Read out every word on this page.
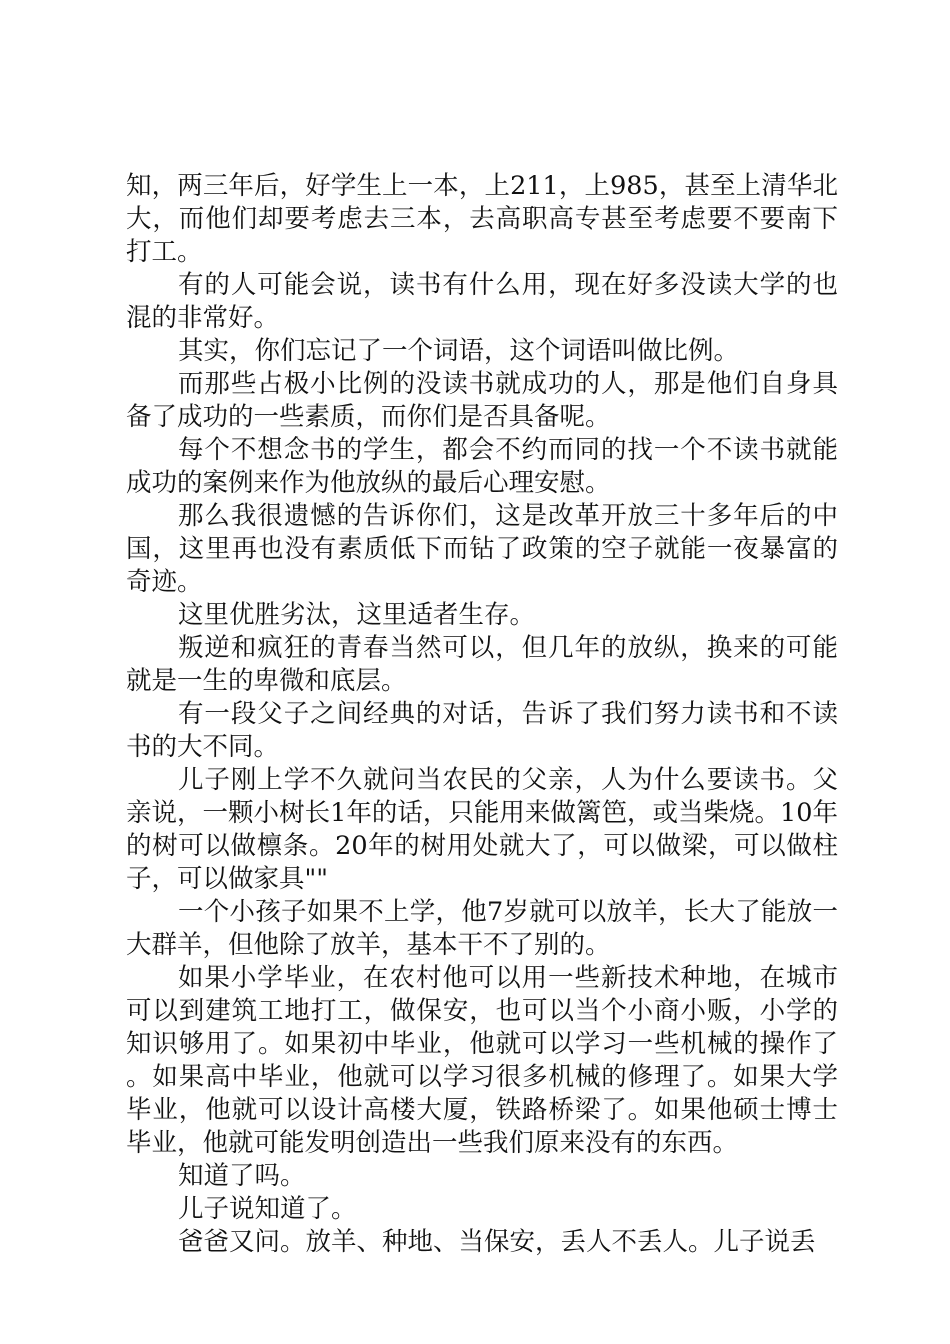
知，两三年后，好学生上一本，上211，上985，甚至上清华北大，而他们却要考虑去三本，去高职高专甚至考虑要不要南下打工。

有的人可能会说，读书有什么用，现在好多没读大学的也混的非常好。

其实，你们忘记了一个词语，这个词语叫做比例。

而那些占极小比例的没读书就成功的人，那是他们自身具备了成功的一些素质，而你们是否具备呢。

每个不想念书的学生，都会不约而同的找一个不读书就能成功的案例来作为他放纵的最后心理安慰。

那么我很遗憾的告诉你们，这是改革开放三十多年后的中国，这里再也没有素质低下而钻了政策的空子就能一夜暴富的奇迹。

这里优胜劣汰，这里适者生存。

叛逆和疯狂的青春当然可以，但几年的放纵，换来的可能就是一生的卑微和底层。

有一段父子之间经典的对话，告诉了我们努力读书和不读书的大不同。

儿子刚上学不久就问当农民的父亲，人为什么要读书。父亲说，一颗小树长1年的话，只能用来做篱笆，或当柴烧。10年的树可以做檩条。20年的树用处就大了，可以做梁，可以做柱子，可以做家具""

一个小孩子如果不上学，他7岁就可以放羊，长大了能放一大群羊，但他除了放羊，基本干不了别的。

如果小学毕业，在农村他可以用一些新技术种地，在城市可以到建筑工地打工，做保安，也可以当个小商小贩，小学的知识够用了。如果初中毕业，他就可以学习一些机械的操作了。如果高中毕业，他就可以学习很多机械的修理了。如果大学毕业，他就可以设计高楼大厦，铁路桥梁了。如果他硕士博士毕业，他就可能发明创造出一些我们原来没有的东西。

知道了吗。

儿子说知道了。

爸爸又问。放羊、种地、当保安，丢人不丢人。儿子说丢
